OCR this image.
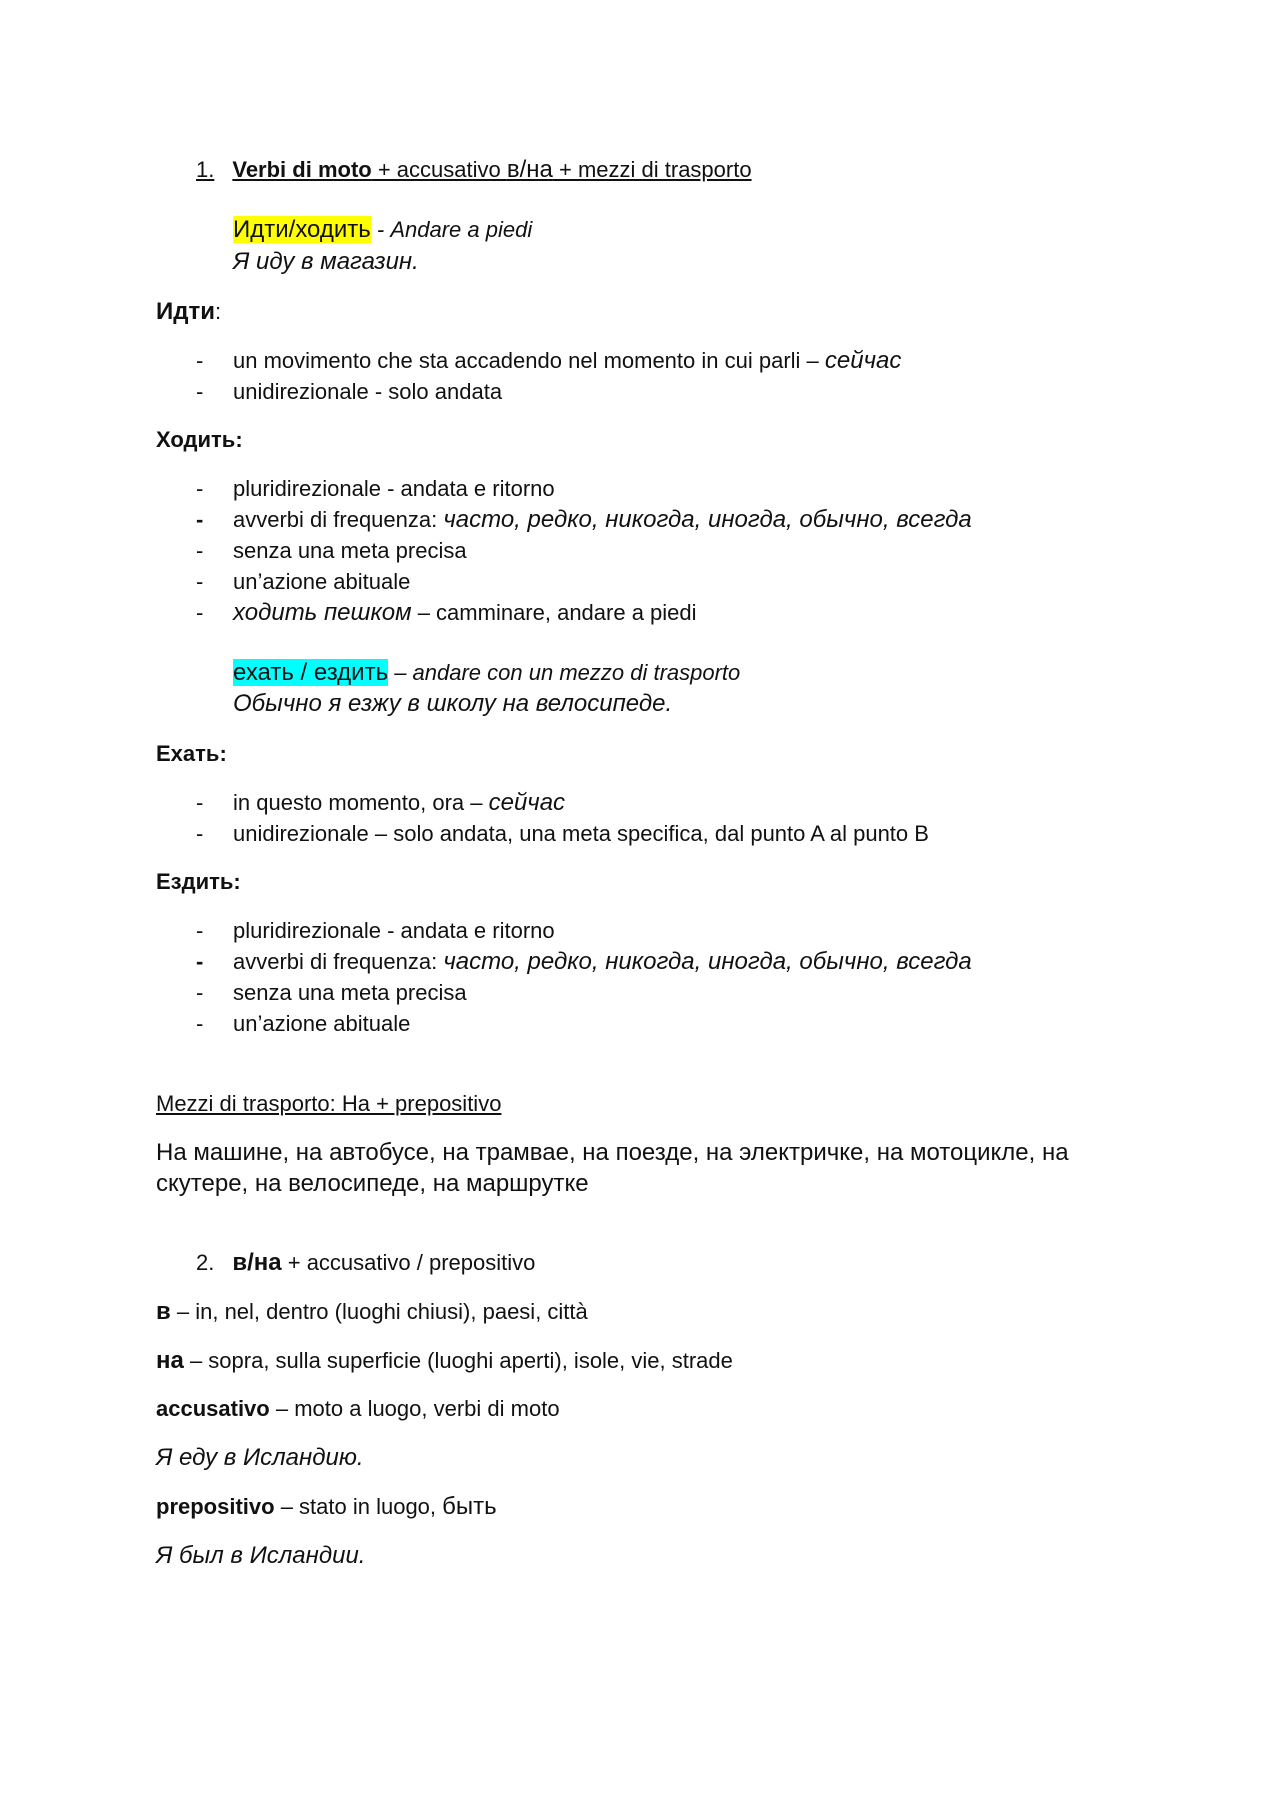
1. Verbi di moto + accusativo в/на + mezzi di trasporto
Идти/ходить - Andare a piedi
Я иду в магазин.
Идти:
un movimento che sta accadendo nel momento in cui parli – сейчас
unidirezionale - solo andata
-
-
Ходить:
pluridirezionale - andata e ritorno
avverbi di frequenza: часто, редко, никогда, иногда, обычно, всегда
senza una meta precisa
un’azione abituale
ходить пешком – camminare, andare a piedi
-
-
-
-
-
ехать / ездить – andare con un mezzo di trasporto
Обычно я езжу в школу на велосипеде.
Ехать:
in questo momento, ora – сейчас
unidirezionale – solo andata, una meta specifica, dal punto A al punto B
-
-
Ездить:
pluridirezionale - andata e ritorno
avverbi di frequenza: часто, редко, никогда, иногда, обычно, всегда
senza una meta precisa
un’azione abituale
-
-
-
-
Mezzi di trasporto: На + prepositivo
На машине, на автобусе, на трамвае, на поезде, на электричке, на мотоцикле, на
скутере, на велосипеде, на маршрутке
2. в/на + accusativo / prepositivo
в – in, nel, dentro (luoghi chiusi), paesi, città
на – sopra, sulla superficie (luoghi aperti), isole, vie, strade
accusativo – moto a luogo, verbi di moto
Я еду в Исландию.
prepositivo – stato in luogo, быть
Я был в Исландии.
